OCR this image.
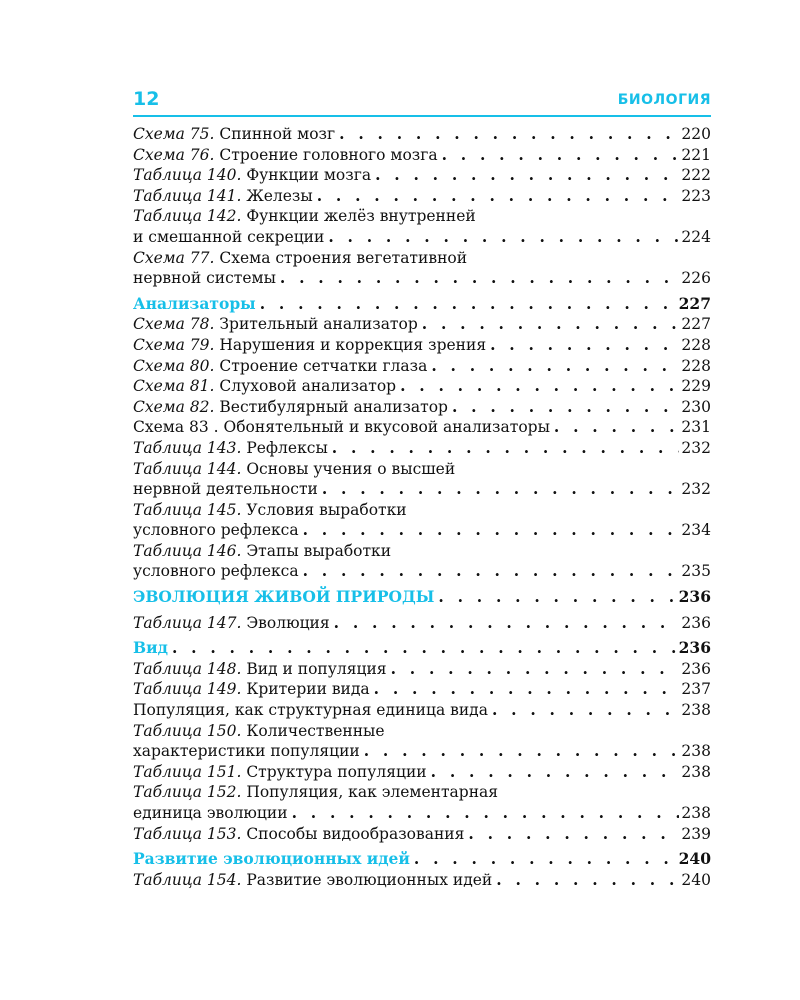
12	БИОЛОГИЯ
Схема 75. Спинной мозг . . .	220
Схема 76. Строение головного мозга . . .	221
Таблица 140. Функции мозга . . .	222
Таблица 141. Железы . . .	223
Таблица 142. Функции желёз внутренней
и смешанной секреции . . .	224
Схема 77. Схема строения вегетативной
нервной системы . . .	226
Анализаторы . . .	227
Схема 78. Зрительный анализатор . . .	227
Схема 79. Нарушения и коррекция зрения . . .	228
Схема 80. Строение сетчатки глаза . . .	228
Схема 81. Слуховой анализатор . . .	229
Схема 82. Вестибулярный анализатор . . .	230
Схема 83 . Обонятельный и вкусовой анализаторы . . .	231
Таблица 143. Рефлексы . . .	232
Таблица 144. Основы учения о высшей
нервной деятельности . . .	232
Таблица 145. Условия выработки
условного рефлекса . . .	234
Таблица 146. Этапы выработки
условного рефлекса . . .	235
ЭВОЛЮЦИЯ ЖИВОЙ ПРИРОДЫ . . .	236
Таблица 147. Эволюция . . .	236
Вид . . .	236
Таблица 148. Вид и популяция . . .	236
Таблица 149. Критерии вида . . .	237
Популяция, как структурная единица вида . . .	238
Таблица 150. Количественные
характеристики популяции . . .	238
Таблица 151. Структура популяции . . .	238
Таблица 152. Популяция, как элементарная
единица эволюции . . .	238
Таблица 153. Способы видообразования . . .	239
Развитие эволюционных идей . . .	240
Таблица 154. Развитие эволюционных идей . . .	240
